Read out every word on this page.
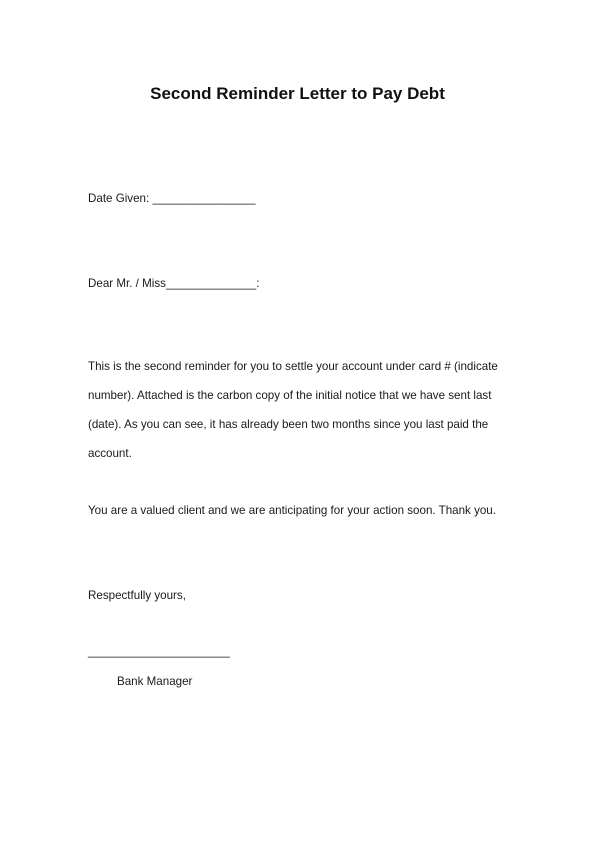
Second Reminder Letter to Pay Debt
Date Given: ________________
Dear Mr. / Miss______________:
This is the second reminder for you to settle your account under card # (indicate
number). Attached is the carbon copy of the initial notice that we have sent last
(date). As you can see, it has already been two months since you last paid the
account.
You are a valued client and we are anticipating for your action soon. Thank you.
Respectfully yours,
______________________
Bank Manager
